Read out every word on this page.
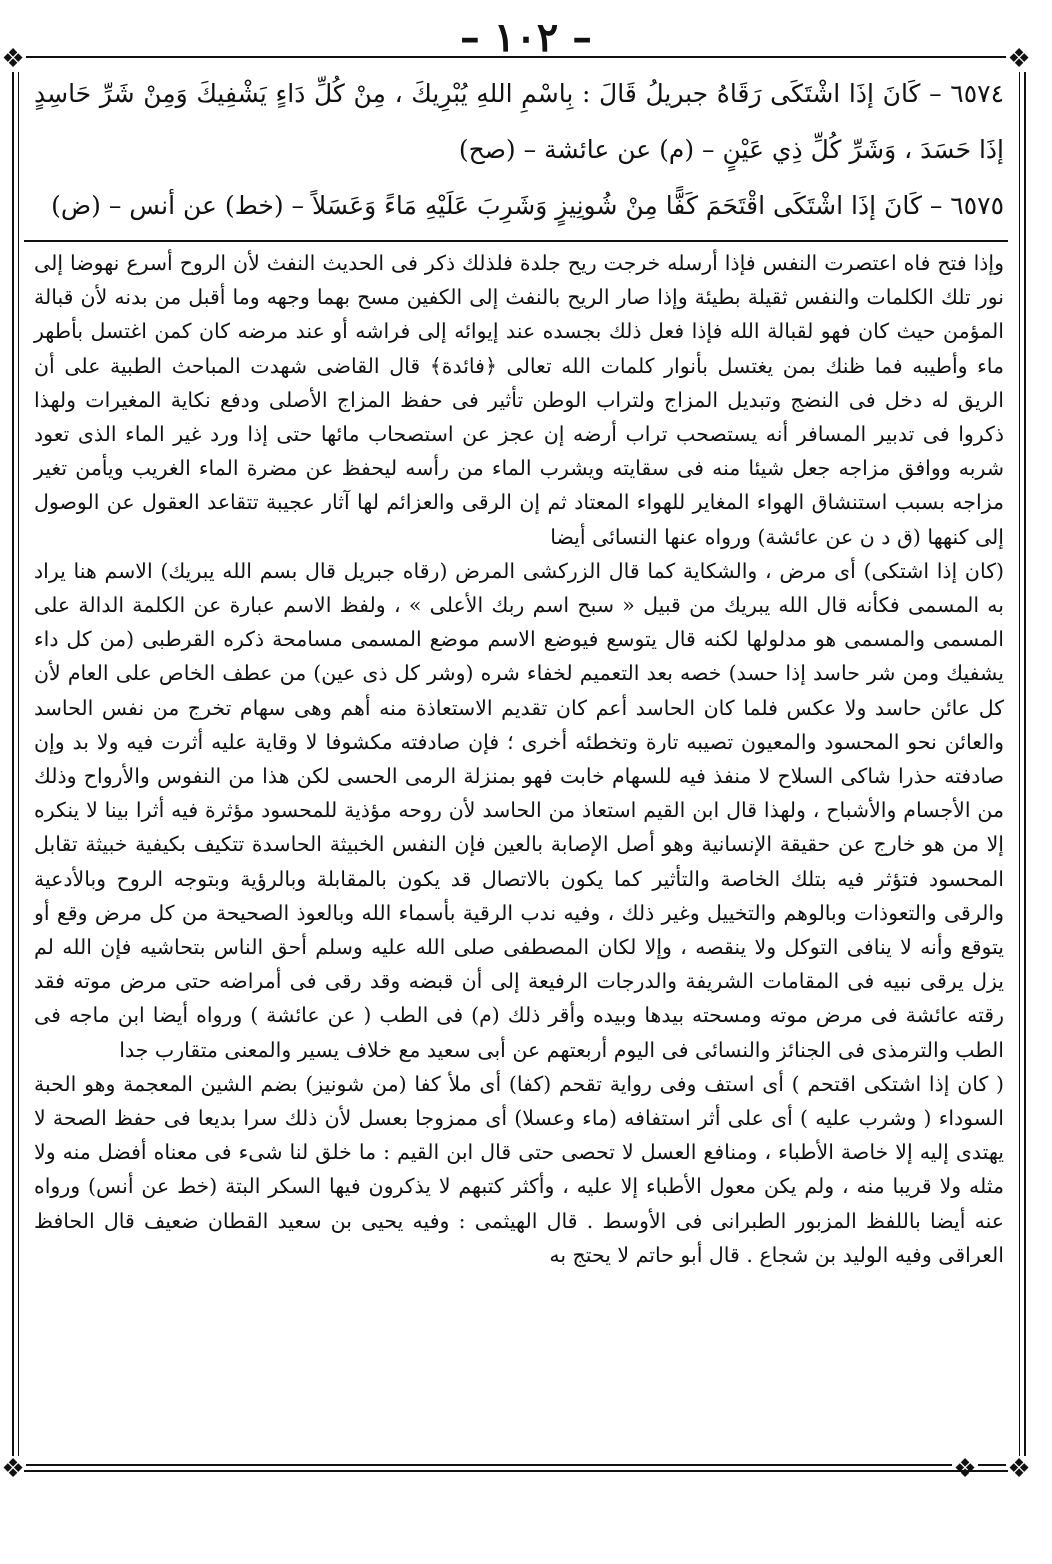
– ١٠٢ –
❖	❖
❖	❖ ❖

٦٥٧٤ – كَانَ إذَا اشْتَكَى رَقَاهُ جبريلُ قَالَ : بِاسْمِ اللهِ يُبْرِيكَ ، مِنْ كُلِّ دَاءٍ يَشْفِيكَ وَمِنْ شَرِّ حَاسِدٍ إذَا حَسَدَ ، وَشَرِّ كُلِّ ذِي عَيْنٍ – (م) عن عائشة – (صح)

٦٥٧٥ – كَانَ إذَا اشْتَكَى اقْتَحَمَ كَفًّا مِنْ شُونِيزٍ وَشَرِبَ عَلَيْهِ مَاءً وَعَسَلاً – (خط) عن أنس – (ض)

وإذا فتح فاه اعتصرت النفس فإذا أرسله خرجت ريح جلدة فلذلك ذكر فى الحديث النفث لأن الروح أسرع نهوضا إلى نور تلك الكلمات والنفس ثقيلة بطيئة وإذا صار الريح بالنفث إلى الكفين مسح بهما وجهه وما أقبل من بدنه لأن قبالة المؤمن حيث كان فهو لقبالة الله فإذا فعل ذلك بجسده عند إيوائه إلى فراشه أو عند مرضه كان كمن اغتسل بأطهر ماء وأطيبه فما ظنك بمن يغتسل بأنوار كلمات الله تعالى ﴿فائدة﴾ قال القاضى شهدت المباحث الطبية على أن الريق له دخل فى النضج وتبديل المزاج ولتراب الوطن تأثير فى حفظ المزاج الأصلى ودفع نكاية المغيرات ولهذا ذكروا فى تدبير المسافر أنه يستصحب تراب أرضه إن عجز عن استصحاب مائها حتى إذا ورد غير الماء الذى تعود شربه ووافق مزاجه جعل شيئا منه فى سقايته ويشرب الماء من رأسه ليحفظ عن مضرة الماء الغريب ويأمن تغير مزاجه بسبب استنشاق الهواء المغاير للهواء المعتاد ثم إن الرقى والعزائم لها آثار عجيبة تتقاعد العقول عن الوصول إلى كنهها (ق د ن عن عائشة) ورواه عنها النسائى أيضا

(كان إذا اشتكى) أى مرض ، والشكاية كما قال الزركشى المرض (رقاه جبريل قال بسم الله يبريك) الاسم هنا يراد به المسمى فكأنه قال الله يبريك من قبيل « سبح اسم ربك الأعلى » ، ولفظ الاسم عبارة عن الكلمة الدالة على المسمى والمسمى هو مدلولها لكنه قال يتوسع فيوضع الاسم موضع المسمى مسامحة ذكره القرطبى (من كل داء يشفيك ومن شر حاسد إذا حسد) خصه بعد التعميم لخفاء شره (وشر كل ذى عين) من عطف الخاص على العام لأن كل عائن حاسد ولا عكس فلما كان الحاسد أعم كان تقديم الاستعاذة منه أهم وهى سهام تخرج من نفس الحاسد والعائن نحو المحسود والمعيون تصيبه تارة وتخطئه أخرى ؛ فإن صادفته مكشوفا لا وقاية عليه أثرت فيه ولا بد وإن صادفته حذرا شاكى السلاح لا منفذ فيه للسهام خابت فهو بمنزلة الرمى الحسى لكن هذا من النفوس والأرواح وذلك من الأجسام والأشباح ، ولهذا قال ابن القيم استعاذ من الحاسد لأن روحه مؤذية للمحسود مؤثرة فيه أثرا بينا لا ينكره إلا من هو خارج عن حقيقة الإنسانية وهو أصل الإصابة بالعين فإن النفس الخبيثة الحاسدة تتكيف بكيفية خبيثة تقابل المحسود فتؤثر فيه بتلك الخاصة والتأثير كما يكون بالاتصال قد يكون بالمقابلة وبالرؤية وبتوجه الروح وبالأدعية والرقى والتعوذات وبالوهم والتخييل وغير ذلك ، وفيه ندب الرقية بأسماء الله وبالعوذ الصحيحة من كل مرض وقع أو يتوقع وأنه لا ينافى التوكل ولا ينقصه ، وإلا لكان المصطفى صلى الله عليه وسلم أحق الناس بتحاشيه فإن الله لم يزل يرقى نبيه فى المقامات الشريفة والدرجات الرفيعة إلى أن قبضه وقد رقى فى أمراضه حتى مرض موته فقد رقته عائشة فى مرض موته ومسحته بيدها وبيده وأقر ذلك (م) فى الطب ( عن عائشة ) ورواه أيضا ابن ماجه فى الطب والترمذى فى الجنائز والنسائى فى اليوم أربعتهم عن أبى سعيد مع خلاف يسير والمعنى متقارب جدا

( كان إذا اشتكى اقتحم ) أى استف وفى رواية تقحم (كفا) أى ملأ كفا (من شونيز) بضم الشين المعجمة وهو الحبة السوداء ( وشرب عليه ) أى على أثر استفافه (ماء وعسلا) أى ممزوجا بعسل لأن ذلك سرا بديعا فى حفظ الصحة لا يهتدى إليه إلا خاصة الأطباء ، ومنافع العسل لا تحصى حتى قال ابن القيم : ما خلق لنا شىء فى معناه أفضل منه ولا مثله ولا قريبا منه ، ولم يكن معول الأطباء إلا عليه ، وأكثر كتبهم لا يذكرون فيها السكر البتة (خط عن أنس) ورواه عنه أيضا باللفظ المزبور الطبرانى فى الأوسط . قال الهيثمى : وفيه يحيى بن سعيد القطان ضعيف قال الحافظ العراقى وفيه الوليد بن شجاع . قال أبو حاتم لا يحتج به
